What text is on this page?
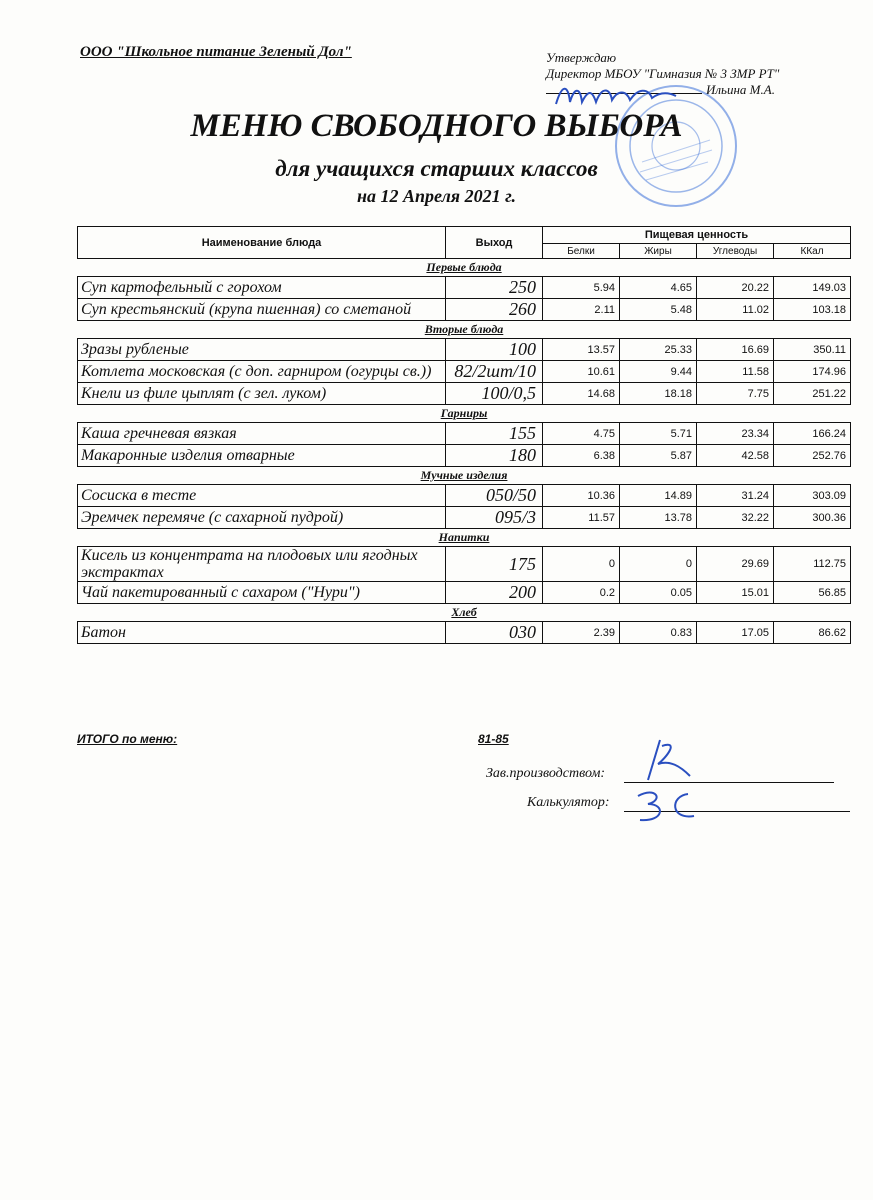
ООО "Школьное питание Зеленый Дол"	Утверждаю
Директор МБОУ "Гимназия № 3 ЗМР РТ"
Ильина М.А.
МЕНЮ СВОБОДНОГО ВЫБОРА
для учащихся старших классов
на 12 Апреля 2021 г.
Наименование блюда	Выход	Пищевая ценность			
		Белки	Жиры	Углеводы	ККал
Первые блюда					
Суп картофельный с горохом	250	5.94	4.65	20.22	149.03
Суп крестьянский (крупа пшенная) со сметаной	260	2.11	5.48	11.02	103.18
Вторые блюда					
Зразы рубленые	100	13.57	25.33	16.69	350.11
Котлета московская (с доп. гарниром (огурцы св.))	82/2шт/10	10.61	9.44	11.58	174.96
Кнели из филе цыплят (с зел. луком)	100/0,5	14.68	18.18	7.75	251.22
Гарниры					
Каша гречневая вязкая	155	4.75	5.71	23.34	166.24
Макаронные изделия отварные	180	6.38	5.87	42.58	252.76
Мучные изделия					
Сосиска в тесте	050/50	10.36	14.89	31.24	303.09
Эремчек перемяче (с сахарной пудрой)	095/3	11.57	13.78	32.22	300.36
Напитки					
Кисель из концентрата на плодовых или ягодных экстрактах	175	0	0	29.69	112.75
Чай пакетированный с сахаром ("Нури")	200	0.2	0.05	15.01	56.85
Хлеб					
Батон	030	2.39	0.83	17.05	86.62
ИТОГО по меню:	81-85
Зав.производством:
Калькулятор:
